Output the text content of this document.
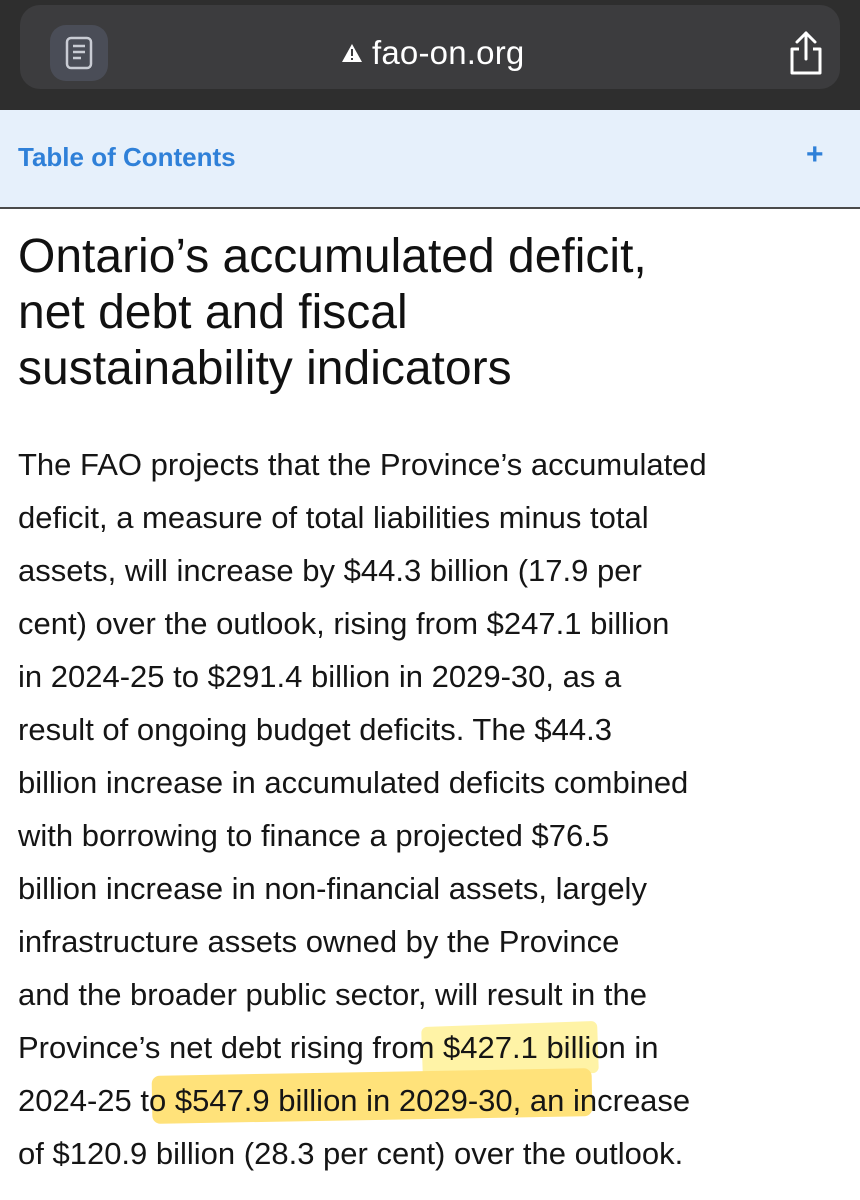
fao-on.org
Table of Contents	+
Ontario’s accumulated deficit,
net debt and fiscal
sustainability indicators
The FAO projects that the Province’s accumulated
deficit, a measure of total liabilities minus total
assets, will increase by $44.3 billion (17.9 per
cent) over the outlook, rising from $247.1 billion
in 2024-25 to $291.4 billion in 2029-30, as a
result of ongoing budget deficits. The $44.3
billion increase in accumulated deficits combined
with borrowing to finance a projected $76.5
billion increase in non-financial assets, largely
infrastructure assets owned by the Province
and the broader public sector, will result in the
Province’s net debt rising from $427.1 billion in
2024-25 to $547.9 billion in 2029-30, an increase
of $120.9 billion (28.3 per cent) over the outlook.
